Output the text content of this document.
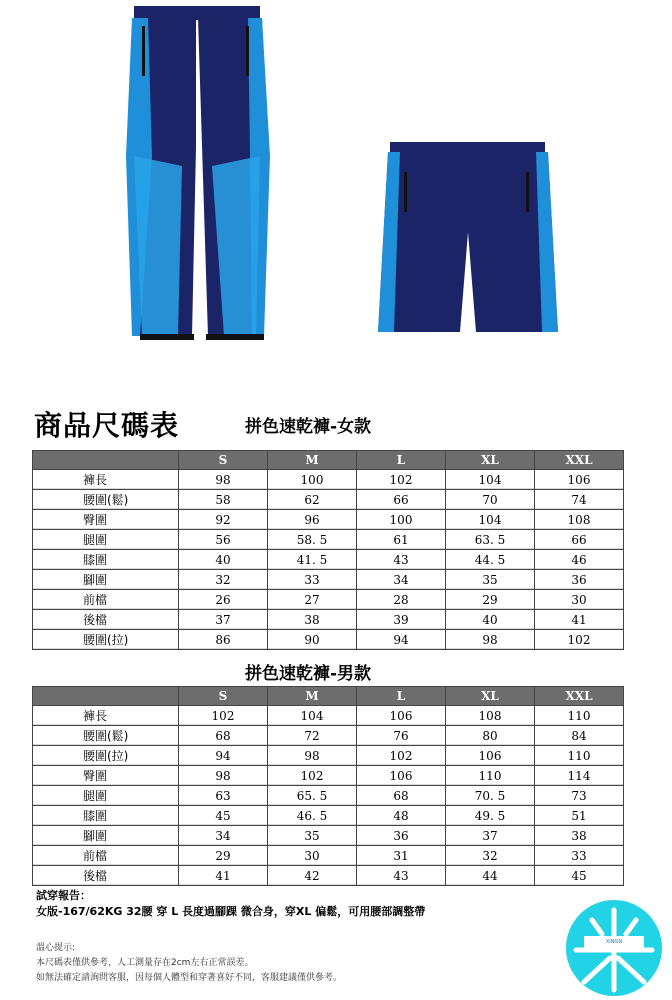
商品尺碼表	拼色速乾褲-女款
	S	M	L	XL	XXL
褲長	98	100	102	104	106
腰圍(鬆)	58	62	66	70	74
臀圍	92	96	100	104	108
腿圍	56	58. 5	61	63. 5	66
膝圍	40	41. 5	43	44. 5	46
腳圍	32	33	34	35	36
前檔	26	27	28	29	30
後檔	37	38	39	40	41
腰圍(拉)	86	90	94	98	102
拼色速乾褲-男款
	S	M	L	XL	XXL
褲長	102	104	106	108	110
腰圍(鬆)	68	72	76	80	84
腰圍(拉)	94	98	102	106	110
臀圍	98	102	106	110	114
腿圍	63	65. 5	68	70. 5	73
膝圍	45	46. 5	48	49. 5	51
腳圍	34	35	36	37	38
前檔	29	30	31	32	33
後檔	41	42	43	44	45
試穿報告：
女版-167/62KG 32腰 穿 L 長度過腳踝 微合身，穿XL 偏鬆，可用腰部調整帶
溫心提示:
本尺碼表僅供參考，人工測量存在2cm左右正常誤差。
如無法確定請詢問客服，因每個人體型和穿著喜好不同，客服建議僅供參考。
XINGN
